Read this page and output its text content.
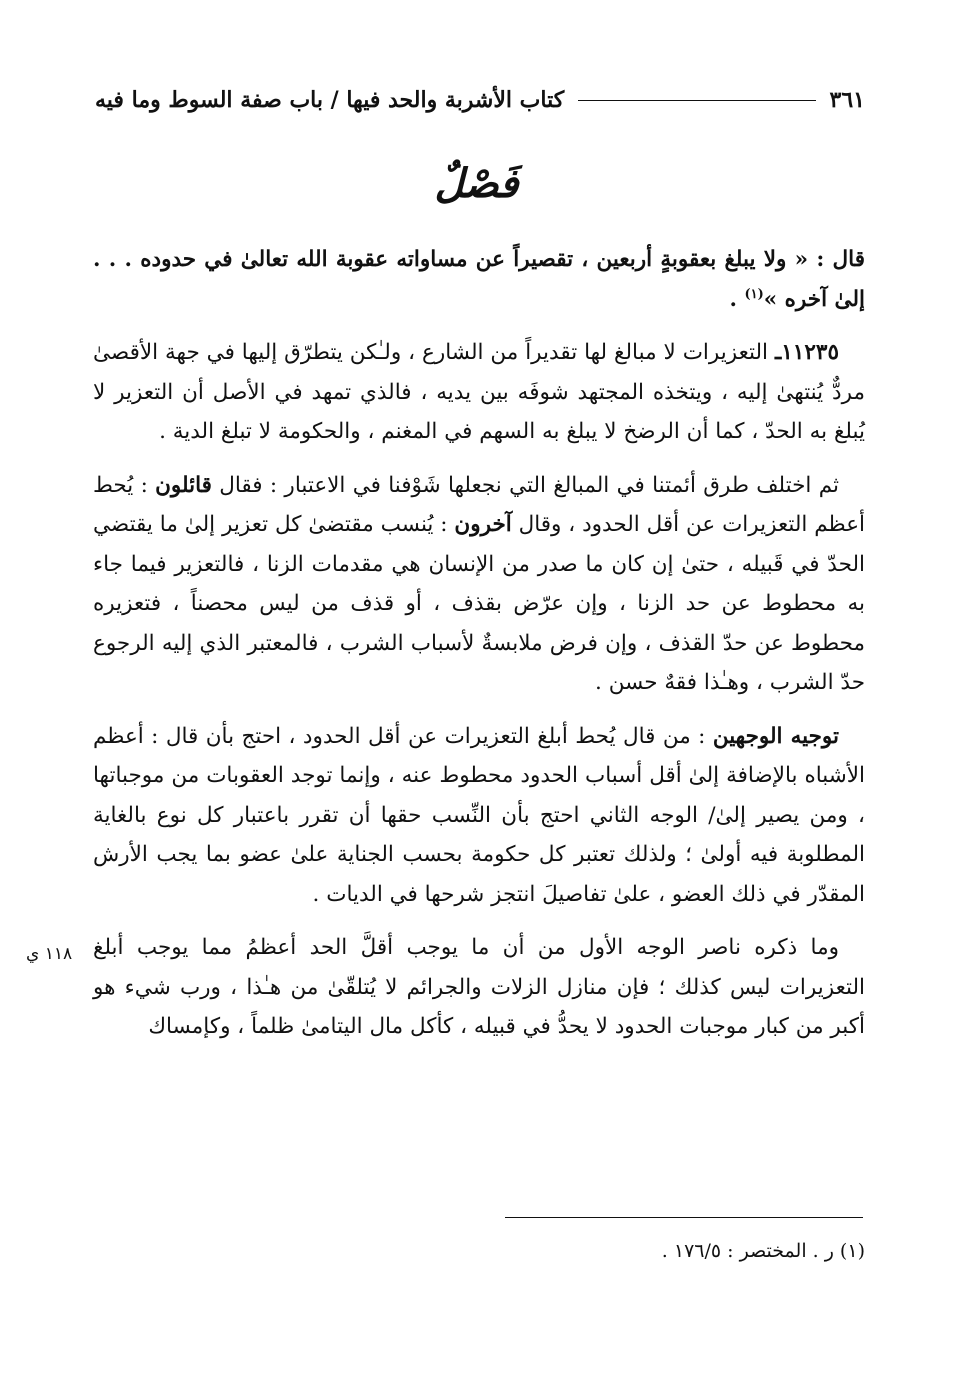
٣٦١
كتاب الأشربة والحد فيها / باب صفة السوط وما فيه
فَصْلٌ

قال : « ولا يبلغ بعقوبةٍ أربعين ، تقصيراً عن مساواته عقوبة الله تعالىٰ في حدوده . . . إلىٰ آخره »$^{(١)}$ .

١١٢٣٥ـ التعزيرات لا مبالغ لها تقديراً من الشارع ، ولـٰكن يتطرّق إليها في جهة الأقصىٰ مردٌّ يُنتهىٰ إليه ، ويتخذه المجتهد شوفَه بين يديه ، فالذي تمهد في الأصل أن التعزير لا يُبلغ به الحدّ ، كما أن الرضخ لا يبلغ به السهم في المغنم ، والحكومة لا تبلغ الدية .

ثم اختلف طرق أئمتنا في المبالغ التي نجعلها شَوْفنا في الاعتبار : فقال قائلون : يُحط أعظم التعزيرات عن أقل الحدود ، وقال آخرون : يُنسب مقتضىٰ كل تعزير إلىٰ ما يقتضي الحدّ في قَبيله ، حتىٰ إن كان ما صدر من الإنسان هي مقدمات الزنا ، فالتعزير فيما جاء به محطوط عن حد الزنا ، وإن عرّض بقذف ، أو قذف من ليس محصناً ، فتعزيره محطوط عن حدّ القذف ، وإن فرض ملابسةٌ لأسباب الشرب ، فالمعتبر الذي إليه الرجوع حدّ الشرب ، وهـٰذا فقهٌ حسن .

توجيه الوجهين : من قال يُحط أبلغ التعزيرات عن أقل الحدود ، احتج بأن قال : أعظم الأشباه بالإضافة إلىٰ أقل أسباب الحدود محطوط عنه ، وإنما توجد العقوبات من موجباتها ، ومن يصير إلىٰ/ الوجه الثاني احتج بأن النِّسب حقها أن تقرر باعتبار كل نوع بالغاية المطلوبة فيه أولىٰ ؛ ولذلك تعتبر كل حكومة بحسب الجناية علىٰ عضو بما يجب الأرش المقدّر في ذلك العضو ، علىٰ تفاصيلَ انتجز شرحها في الديات .

وما ذكره ناصر الوجه الأول من أن ما يوجب أقلَّ الحد أعظمُ مما يوجب أبلغ التعزيرات ليس كذلك ؛ فإن منازل الزلات والجرائم لا يُتلقّىٰ من هـٰذا ، ورب شيء هو أكبر من كبار موجبات الحدود لا يحدُّ في قبيله ، كأكل مال اليتامىٰ ظلماً ، وكإمساك

١١٨ ي
(١) ر . المختصر : ١٧٦/٥ .
